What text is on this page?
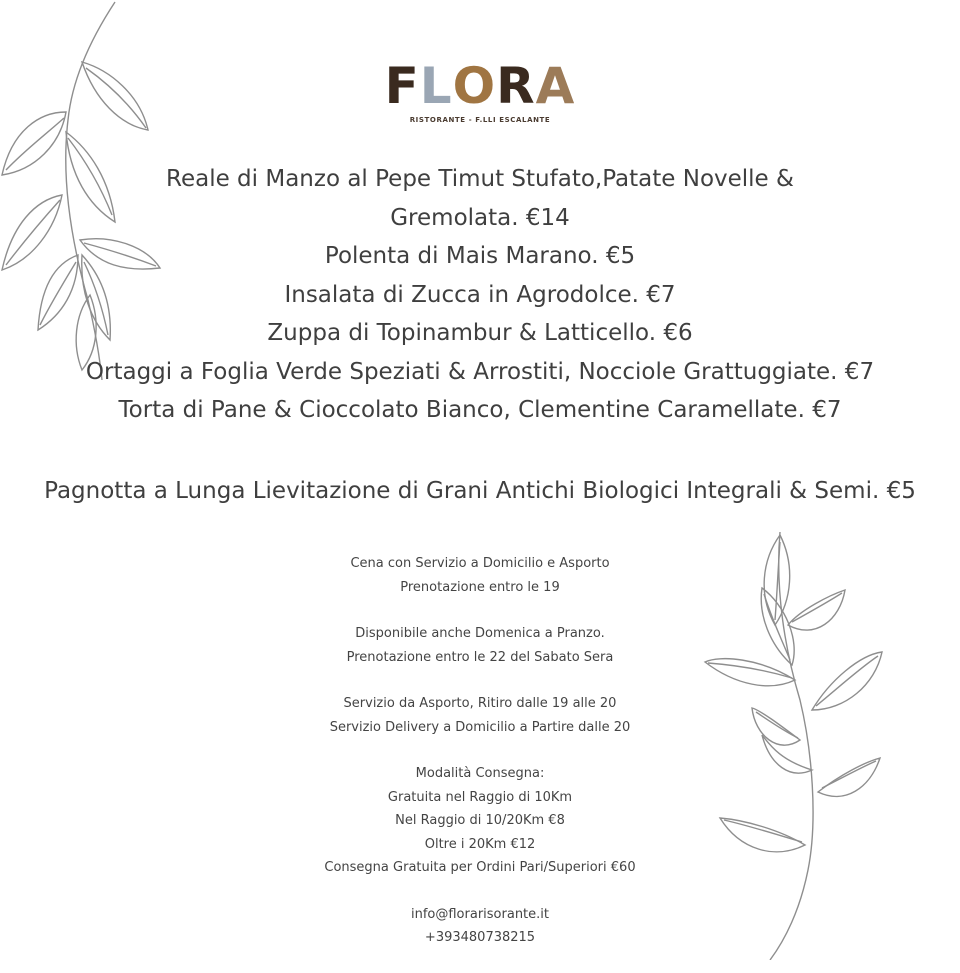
F L O R A
RISTORANTE - F.LLI ESCALANTE
Reale di Manzo al Pepe Timut Stufato,Patate Novelle &
Gremolata. €14
Polenta di Mais Marano. €5
Insalata di Zucca in Agrodolce. €7
Zuppa di Topinambur & Latticello. €6
Ortaggi a Foglia Verde Speziati & Arrostiti, Nocciole Grattuggiate. €7
Torta di Pane & Cioccolato Bianco, Clementine Caramellate. €7
Pagnotta a Lunga Lievitazione di Grani Antichi Biologici Integrali & Semi. €5
Cena con Servizio a Domicilio e Asporto
Prenotazione entro le 19
Disponibile anche Domenica a Pranzo.
Prenotazione entro le 22 del Sabato Sera
Servizio da Asporto, Ritiro dalle 19 alle 20
Servizio Delivery a Domicilio a Partire dalle 20
Modalità Consegna:
Gratuita nel Raggio di 10Km
Nel Raggio di 10/20Km €8
Oltre i 20Km €12
Consegna Gratuita per Ordini Pari/Superiori €60
info@florarisorante.it
+393480738215
